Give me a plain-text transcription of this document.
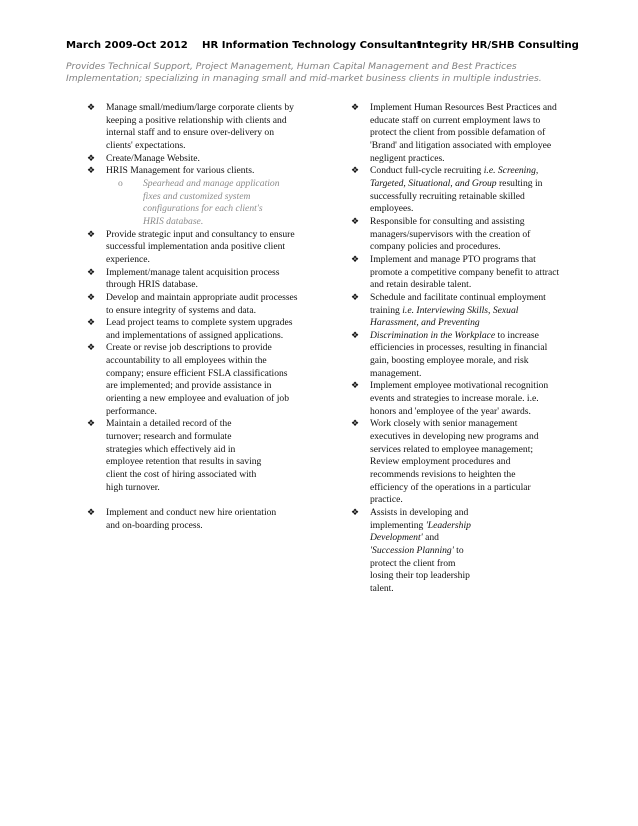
March 2009-Oct 2012 HR Information Technology Consultant
Integrity HR/SHB Consulting
Provides Technical Support, Project Management, Human Capital Management and Best Practices
Implementation; specializing in managing small and mid-market business clients in multiple industries.
❖ Manage small/medium/large corporate clients by
keeping a positive relationship with clients and
internal staff and to ensure over-delivery on
clients' expectations.
❖ Create/Manage Website.
❖ HRIS Management for various clients.
o Spearhead and manage application
fixes and customized system
configurations for each client's
HRIS database.
❖ Provide strategic input and consultancy to ensure
successful implementation anda positive client
experience.
❖ Implement/manage talent acquisition process
through HRIS database.
❖ Develop and maintain appropriate audit processes
to ensure integrity of systems and data.
❖ Lead project teams to complete system upgrades
and implementations of assigned applications.
❖ Create or revise job descriptions to provide
accountability to all employees within the
company; ensure efficient FSLA classifications
are implemented; and provide assistance in
orienting a new employee and evaluation of job
performance.
❖ Maintain a detailed record of the
turnover; research and formulate
strategies which effectively aid in
employee retention that results in saving
client the cost of hiring associated with
high turnover.
❖ Implement and conduct new hire orientation
and on-boarding process.
❖ Implement Human Resources Best Practices and
educate staff on current employment laws to
protect the client from possible defamation of
'Brand' and litigation associated with employee
negligent practices.
❖ Conduct full-cycle recruiting i.e. Screening,
Targeted, Situational, and Group resulting in
successfully recruiting retainable skilled
employees.
❖ Responsible for consulting and assisting
managers/supervisors with the creation of
company policies and procedures.
❖ Implement and manage PTO programs that
promote a competitive company benefit to attract
and retain desirable talent.
❖ Schedule and facilitate continual employment
training i.e. Interviewing Skills, Sexual
Harassment, and Preventing
❖ Discrimination in the Workplace to increase
efficiencies in processes, resulting in financial
gain, boosting employee morale, and risk
management.
❖ Implement employee motivational recognition
events and strategies to increase morale. i.e.
honors and 'employee of the year' awards.
❖ Work closely with senior management
executives in developing new programs and
services related to employee management;
Review employment procedures and
recommends revisions to heighten the
efficiency of the operations in a particular
practice.
❖ Assists in developing and
implementing 'Leadership
Development' and
'Succession Planning' to
protect the client from
losing their top leadership
talent.
